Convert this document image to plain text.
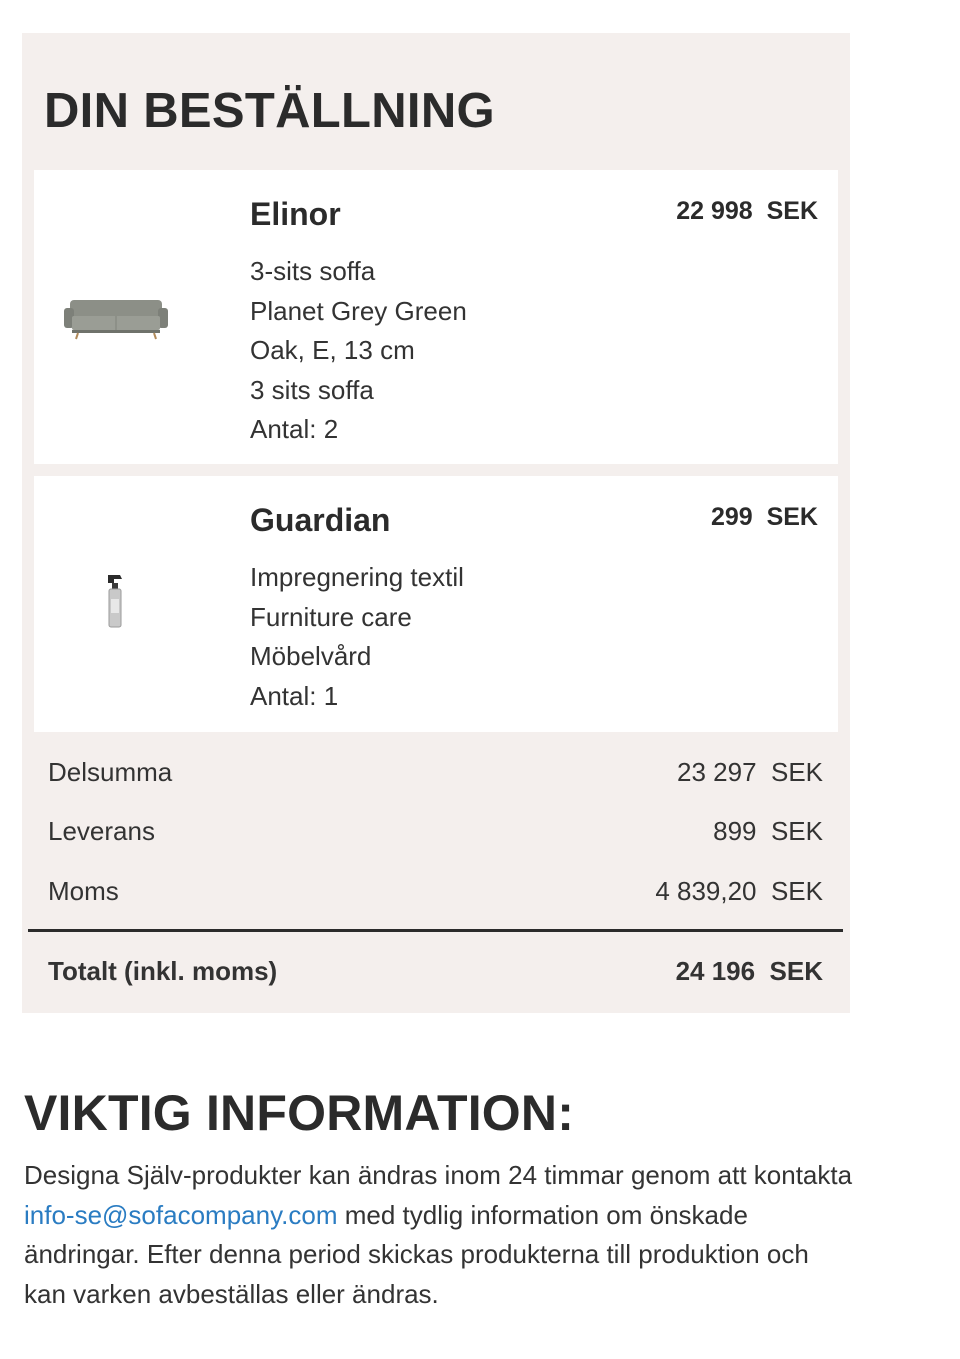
DIN BESTÄLLNING
Elinor	22 998  SEK
3-sits soffa
Planet Grey Green
Oak, E, 13 cm
3 sits soffa
Antal: 2
Guardian	299  SEK
Impregnering textil
Furniture care
Möbelvård
Antal: 1
Delsumma	23 297  SEK
Leverans	899  SEK
Moms	4 839,20  SEK
Totalt (inkl. moms)	24 196  SEK
VIKTIG INFORMATION:

Designa Själv-produkter kan ändras inom 24 timmar genom att kontakta info-se@sofacompany.com med tydlig information om önskade ändringar. Efter denna period skickas produkterna till produktion och kan varken avbeställas eller ändras.
